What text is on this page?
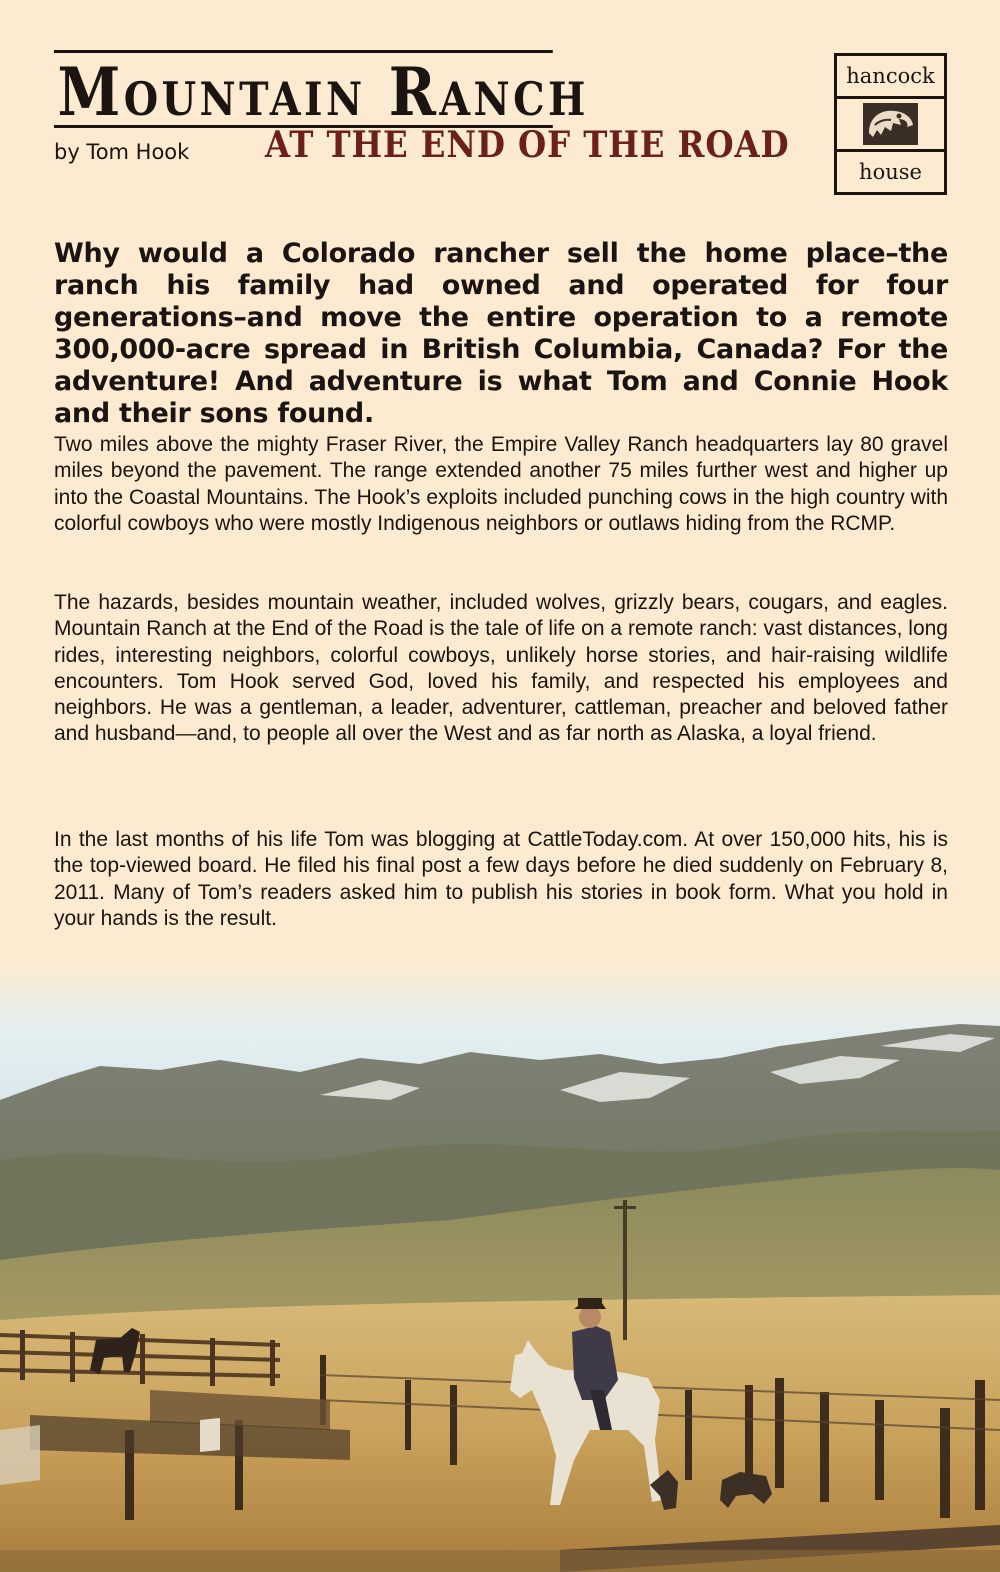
Mountain Ranch
by Tom Hook AT THE END OF THE ROAD
hancock
house

Why would a Colorado rancher sell the home place–the ranch his family had owned and operated for four generations–and move the entire operation to a remote 300,000-acre spread in British Columbia, Canada? For the adventure! And adventure is what Tom and Connie Hook and their sons found.

Two miles above the mighty Fraser River, the Empire Valley Ranch headquarters lay 80 gravel miles beyond the pavement. The range extended another 75 miles further west and higher up into the Coastal Mountains. The Hook’s exploits included punching cows in the high country with colorful cowboys who were mostly Indigenous neighbors or outlaws hiding from the RCMP.

The hazards, besides mountain weather, included wolves, grizzly bears, cougars, and eagles. Mountain Ranch at the End of the Road is the tale of life on a remote ranch: vast distances, long rides, interesting neighbors, colorful cowboys, unlikely horse stories, and hair-raising wildlife encounters. Tom Hook served God, loved his family, and respected his employees and neighbors. He was a gentleman, a leader, adventurer, cattleman, preacher and beloved father and husband—and, to people all over the West and as far north as Alaska, a loyal friend.

In the last months of his life Tom was blogging at CattleToday.com. At over 150,000 hits, his is the top-viewed board. He filed his final post a few days before he died suddenly on February 8, 2011. Many of Tom’s readers asked him to publish his stories in book form. What you hold in your hands is the result.
